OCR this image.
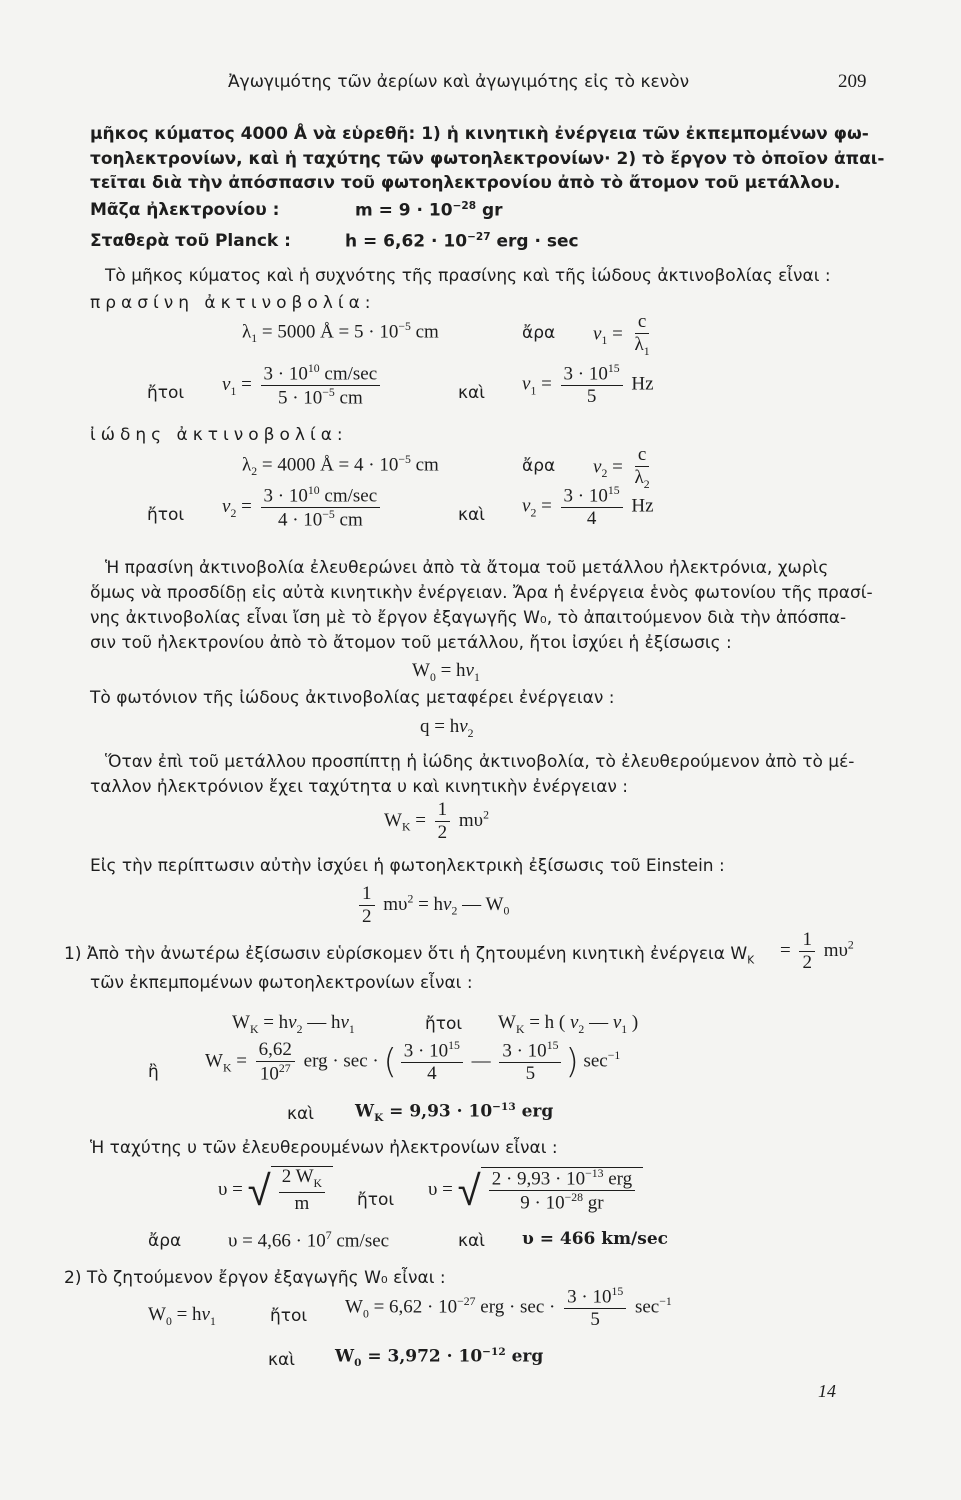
Ἀγωγιμότης τῶν ἀερίων καὶ ἀγωγιμότης εἰς τὸ κενὸν	209
μῆκος κύματος 4000 Å νὰ εὑρεθῆ: 1) ἡ κινητικὴ ἐνέργεια τῶν ἐκπεμπομένων φω-
τοηλεκτρονίων, καὶ ἡ ταχύτης τῶν φωτοηλεκτρονίων· 2) τὸ ἔργον τὸ ὁποῖον ἀπαι-
τεῖται διὰ τὴν ἀπόσπασιν τοῦ φωτοηλεκτρονίου ἀπὸ τὸ ἄτομον τοῦ μετάλλου.
Μᾶζα ἠλεκτρονίου :	$m = 9 \cdot 10^{-28}$ gr
Σταθερὰ τοῦ Planck :	$h = 6,62 \cdot 10^{-27}$ erg · sec
Τὸ μῆκος κύματος καὶ ἡ συχνότης τῆς πρασίνης καὶ τῆς ἰώδους ἀκτινοβολίας εἶναι :
πρασίνη ἀκτινοβολία:
$\lambda_1 = 5000$ Å = $5 \cdot 10^{-5}$ cm	ἄρα $v_1 = \frac{c}{\lambda_1}$
ἤτοι $v_1 = \frac{3 \cdot 10^{10} cm/\sec}{5 \cdot 10^{-5} cm}$	καὶ $v_1 = \frac{3 \cdot 10^{15}}{5}$ Hz
ἰώδης ἀκτινοβολία:
$\lambda_2 = 4000$ Å = $4 \cdot 10^{-5}$ cm	ἄρα $v_2 = \frac{c}{\lambda_2}$
ἤτοι $v_2 = \frac{3 \cdot 10^{10} cm/\sec}{4 \cdot 10^{-5} cm}$	καὶ $v_2 = \frac{3 \cdot 10^{15}}{4}$ Hz
Ἡ πρασίνη ἀκτινοβολία ἐλευθερώνει ἀπὸ τὰ ἄτομα τοῦ μετάλλου ἠλεκτρόνια, χωρὶς
ὅμως νὰ προσδίδῃ εἰς αὐτὰ κινητικὴν ἐνέργειαν. Ἄρα ἡ ἐνέργεια ἑνὸς φωτονίου τῆς πρασί-
νης ἀκτινοβολίας εἶναι ἴση μὲ τὸ ἔργον ἐξαγωγῆς W₀, τὸ ἀπαιτούμενον διὰ τὴν ἀπόσπα-
σιν τοῦ ἠλεκτρονίου ἀπὸ τὸ ἄτομον τοῦ μετάλλου, ἤτοι ἰσχύει ἡ ἐξίσωσις :
$W_0 = hv_1$
Τὸ φωτόνιον τῆς ἰώδους ἀκτινοβολίας μεταφέρει ἐνέργειαν :
$q = hv_2$
Ὅταν ἐπὶ τοῦ μετάλλου προσπίπτῃ ἡ ἰώδης ἀκτινοβολία, τὸ ἐλευθερούμενον ἀπὸ τὸ μέ-
ταλλον ἠλεκτρόνιον ἔχει ταχύτητα υ καὶ κινητικὴν ἐνέργειαν :
$W_K = \frac{1}{2} m\upsilon^2$
Εἰς τὴν περίπτωσιν αὐτὴν ἰσχύει ἡ φωτοηλεκτρικὴ ἐξίσωσις τοῦ Einstein :
$\frac{1}{2} m\upsilon^2 = hv_2$ — $W_0$
1) Ἀπὸ τὴν ἀνωτέρω ἐξίσωσιν εὑρίσκομεν ὅτι ἡ ζητουμένη κινητικὴ ἐνέργεια $W_K = \frac{1}{2} m\upsilon^2$
τῶν ἐκπεμπομένων φωτοηλεκτρονίων εἶναι :
$W_K = hv_2$ — $hv_1$	ἤτοι $W_K = h$ ( $v_2$ — $v_1$ )
ἢ
$W_K = \frac{6,62}{10^{27}}$ erg · sec · ( $\frac{3 \cdot 10^{15}}{4}$ — $\frac{3 \cdot 10^{15}}{5}$ ) $\sec^{-1}$
καὶ $W_K = 9,93 \cdot 10^{-13}$ erg
Ἡ ταχύτης υ τῶν ἐλευθερουμένων ἠλεκτρονίων εἶναι :
υ = √ $\frac{2 W_K}{m}$ ἤτοι
υ = √ $\frac{2 \cdot 9,93 \cdot 10^{-13} erg}{9 \cdot 10^{-28} gr}$
ἄρα $\upsilon = 4,66 \cdot 10^7$ cm/sec	καὶ υ = 466 km/sec
2) Τὸ ζητούμενον ἔργον ἐξαγωγῆς W₀ εἶναι :
$W_0 = hv_1$	ἤτοι $W_0 = 6,62 \cdot 10^{-27}$ erg · $\sec \cdot \frac{3 \cdot 10^{15}}{5} \sec^{-1}$
καὶ $W_0 = 3,972 \cdot 10^{-12}$ erg
14
